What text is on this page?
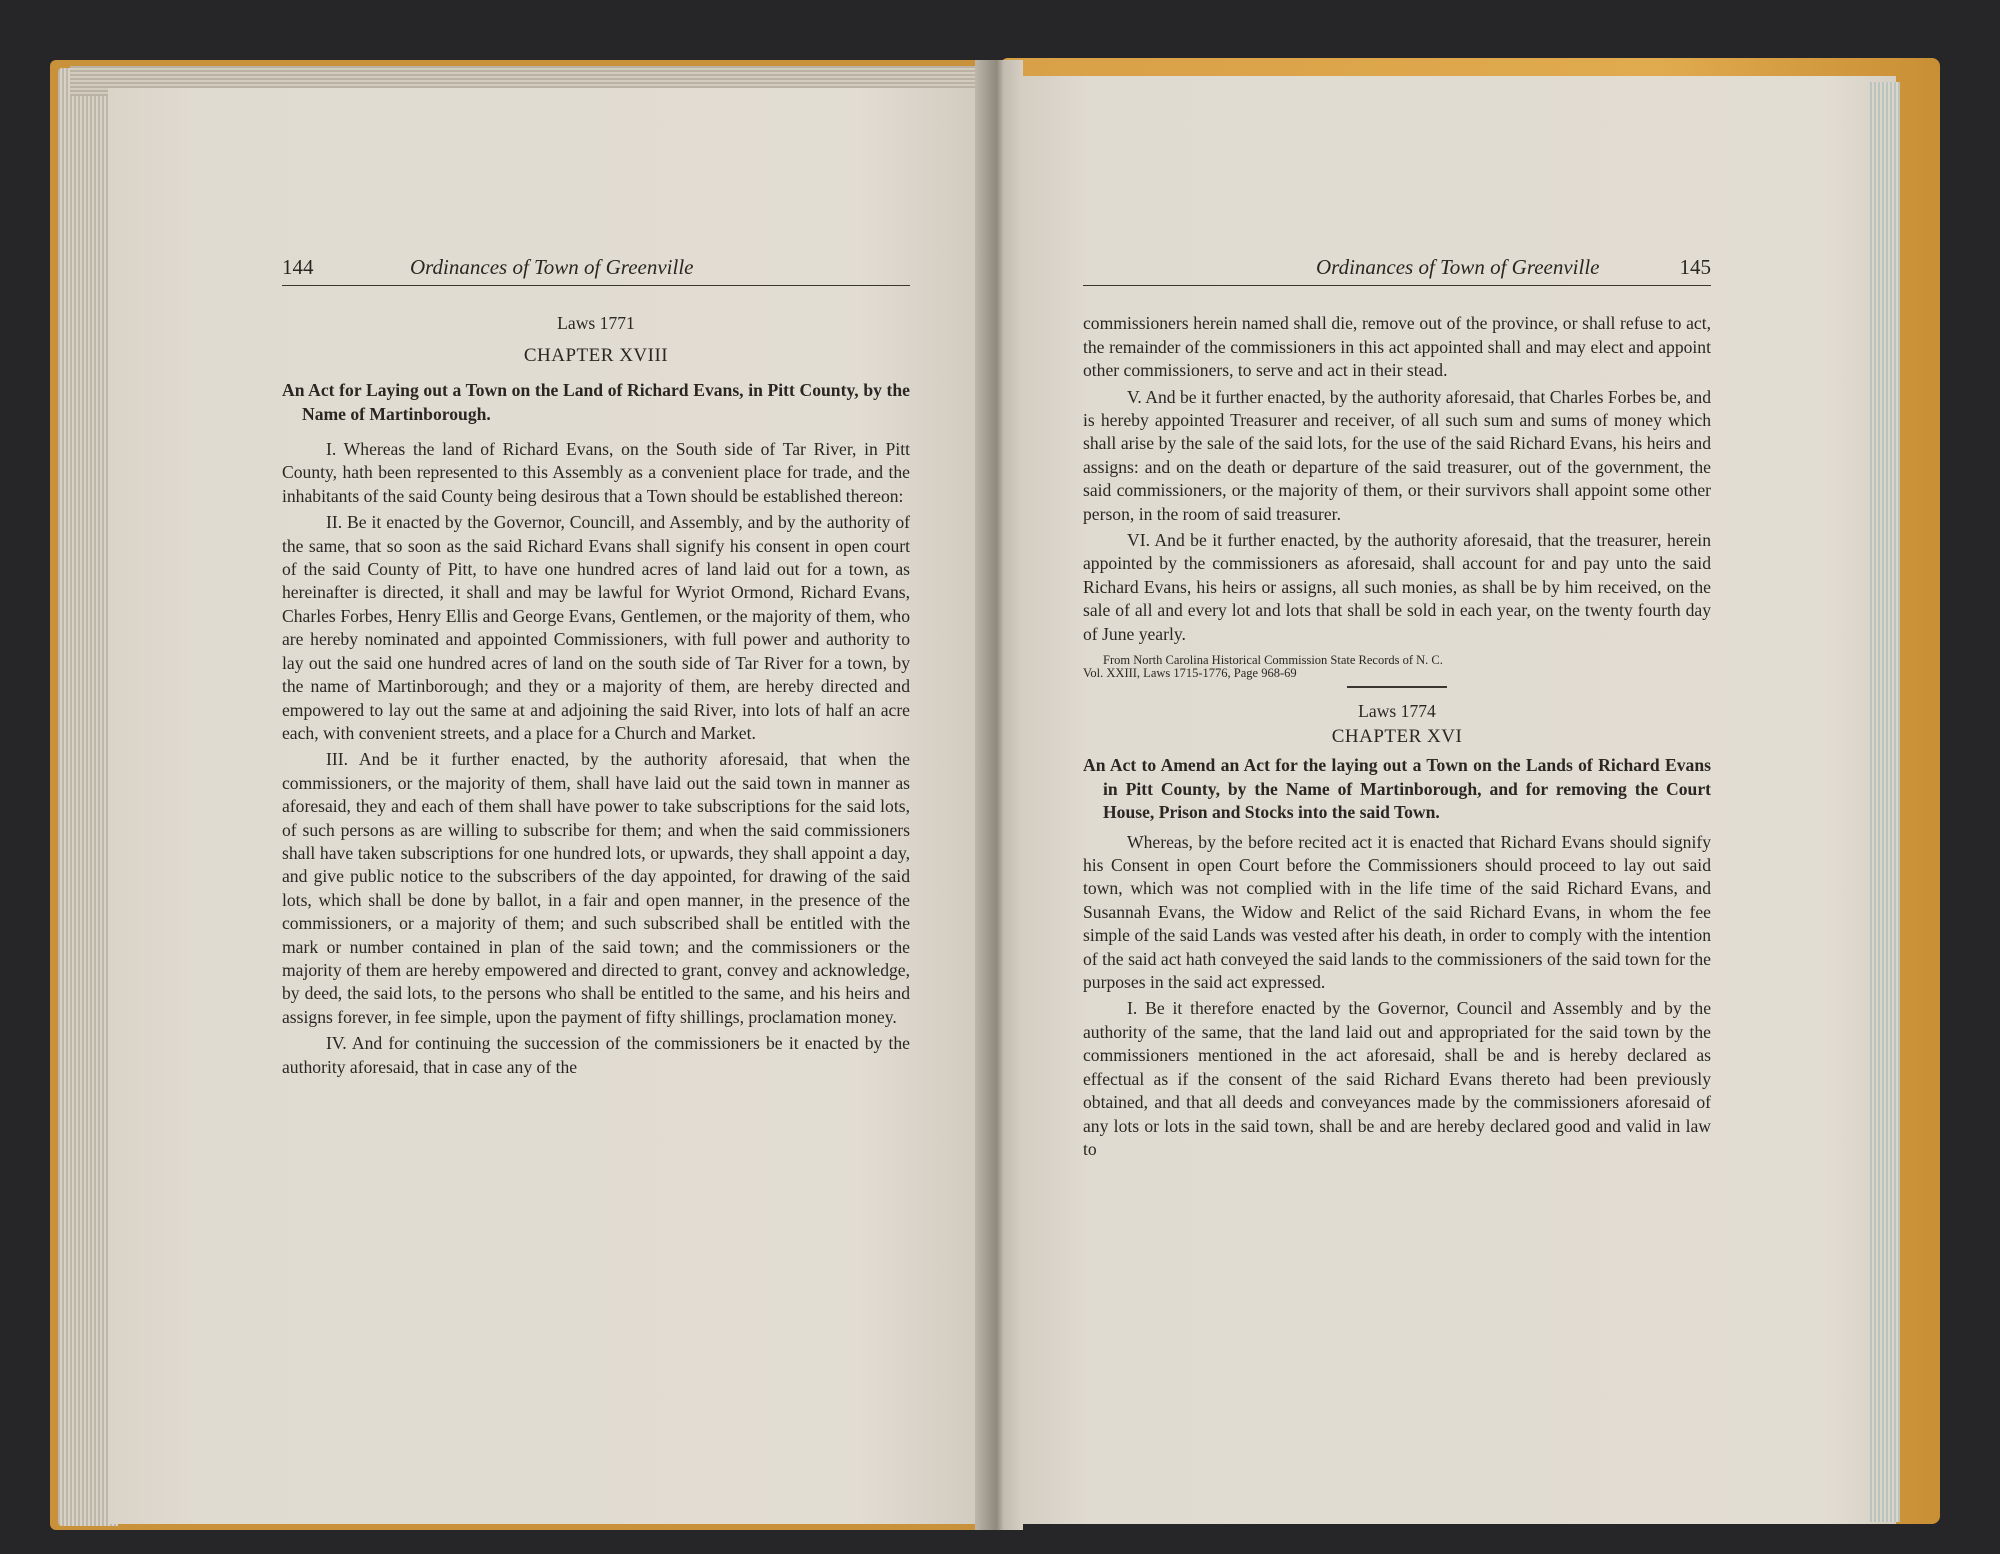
144	Ordinances of Town of Greenville
Laws 1771
CHAPTER XVIII
An Act for Laying out a Town on the Land of Richard Evans, in Pitt County, by the Name of Martinborough.

I. Whereas the land of Richard Evans, on the South side of Tar River, in Pitt County, hath been represented to this Assembly as a convenient place for trade, and the inhabitants of the said County being desirous that a Town should be established thereon:

II. Be it enacted by the Governor, Councill, and Assembly, and by the authority of the same, that so soon as the said Richard Evans shall signify his consent in open court of the said County of Pitt, to have one hundred acres of land laid out for a town, as hereinafter is directed, it shall and may be lawful for Wyriot Ormond, Richard Evans, Charles Forbes, Henry Ellis and George Evans, Gentlemen, or the majority of them, who are hereby nominated and appointed Commissioners, with full power and authority to lay out the said one hundred acres of land on the south side of Tar River for a town, by the name of Martinborough; and they or a majority of them, are hereby directed and empowered to lay out the same at and adjoining the said River, into lots of half an acre each, with convenient streets, and a place for a Church and Market.

III. And be it further enacted, by the authority aforesaid, that when the commissioners, or the majority of them, shall have laid out the said town in manner as aforesaid, they and each of them shall have power to take subscriptions for the said lots, of such persons as are willing to subscribe for them; and when the said commissioners shall have taken subscriptions for one hundred lots, or upwards, they shall appoint a day, and give public notice to the subscribers of the day appointed, for drawing of the said lots, which shall be done by ballot, in a fair and open manner, in the presence of the commissioners, or a majority of them; and such subscribed shall be entitled with the mark or number contained in plan of the said town; and the commissioners or the majority of them are hereby empowered and directed to grant, convey and acknowledge, by deed, the said lots, to the persons who shall be entitled to the same, and his heirs and assigns forever, in fee simple, upon the payment of fifty shillings, proclamation money.

IV. And for continuing the succession of the commissioners be it enacted by the authority aforesaid, that in case any of the

Ordinances of Town of Greenville	145

commissioners herein named shall die, remove out of the province, or shall refuse to act, the remainder of the commissioners in this act appointed shall and may elect and appoint other commissioners, to serve and act in their stead.

V. And be it further enacted, by the authority aforesaid, that Charles Forbes be, and is hereby appointed Treasurer and receiver, of all such sum and sums of money which shall arise by the sale of the said lots, for the use of the said Richard Evans, his heirs and assigns: and on the death or departure of the said treasurer, out of the government, the said commissioners, or the majority of them, or their survivors shall appoint some other person, in the room of said treasurer.

VI. And be it further enacted, by the authority aforesaid, that the treasurer, herein appointed by the commissioners as aforesaid, shall account for and pay unto the said Richard Evans, his heirs or assigns, all such monies, as shall be by him received, on the sale of all and every lot and lots that shall be sold in each year, on the twenty fourth day of June yearly.

From North Carolina Historical Commission State Records of N. C.
Vol. XXIII, Laws 1715-1776, Page 968-69
Laws 1774
CHAPTER XVI
An Act to Amend an Act for the laying out a Town on the Lands of Richard Evans in Pitt County, by the Name of Martinborough, and for removing the Court House, Prison and Stocks into the said Town.

Whereas, by the before recited act it is enacted that Richard Evans should signify his Consent in open Court before the Commissioners should proceed to lay out said town, which was not complied with in the life time of the said Richard Evans, and Susannah Evans, the Widow and Relict of the said Richard Evans, in whom the fee simple of the said Lands was vested after his death, in order to comply with the intention of the said act hath conveyed the said lands to the commissioners of the said town for the purposes in the said act expressed.

I. Be it therefore enacted by the Governor, Council and Assembly and by the authority of the same, that the land laid out and appropriated for the said town by the commissioners mentioned in the act aforesaid, shall be and is hereby declared as effectual as if the consent of the said Richard Evans thereto had been previously obtained, and that all deeds and conveyances made by the commissioners aforesaid of any lots or lots in the said town, shall be and are hereby declared good and valid in law to
